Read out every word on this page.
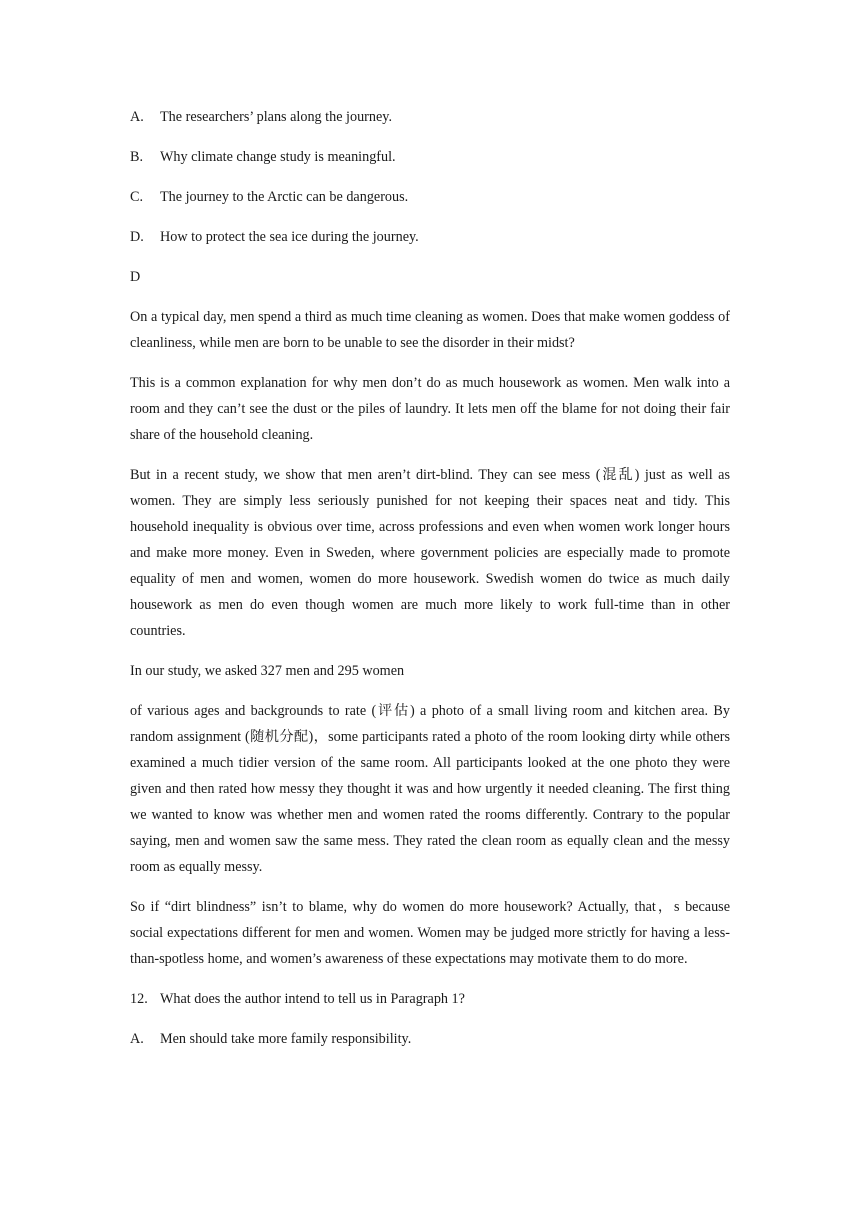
A.	The researchers’ plans along the journey.
B.	Why climate change study is meaningful.
C.	The journey to the Arctic can be dangerous.
D.	How to protect the sea ice during the journey.
D

On a typical day, men spend a third as much time cleaning as women. Does that make women goddess of cleanliness, while men are born to be unable to see the disorder in their midst?

This is a common explanation for why men don’t do as much housework as women. Men walk into a room and they can’t see the dust or the piles of laundry. It lets men off the blame for not doing their fair share of the household cleaning.

But in a recent study, we show that men aren’t dirt-blind. They can see mess (混乱) just as well as women. They are simply less seriously punished for not keeping their spaces neat and tidy. This household inequality is obvious over time, across professions and even when women work longer hours and make more money. Even in Sweden, where government policies are especially made to promote equality of men and women, women do more housework. Swedish women do twice as much daily housework as men do even though women are much more likely to work full-time than in other countries.

In our study, we asked 327 men and 295 women

of various ages and backgrounds to rate (评估) a photo of a small living room and kitchen area. By random assignment (随机分配)，some participants rated a photo of the room looking dirty while others examined a much tidier version of the same room. All participants looked at the one photo they were given and then rated how messy they thought it was and how urgently it needed cleaning. The first thing we wanted to know was whether men and women rated the rooms differently. Contrary to the popular saying, men and women saw the same mess. They rated the clean room as equally clean and the messy room as equally messy.

So if “dirt blindness” isn’t to blame, why do women do more housework? Actually, that，s because social expectations different for men and women. Women may be judged more strictly for having a less-than-spotless home, and women’s awareness of these expectations may motivate them to do more.

12. What does the author intend to tell us in Paragraph 1?
A.	Men should take more family responsibility.
